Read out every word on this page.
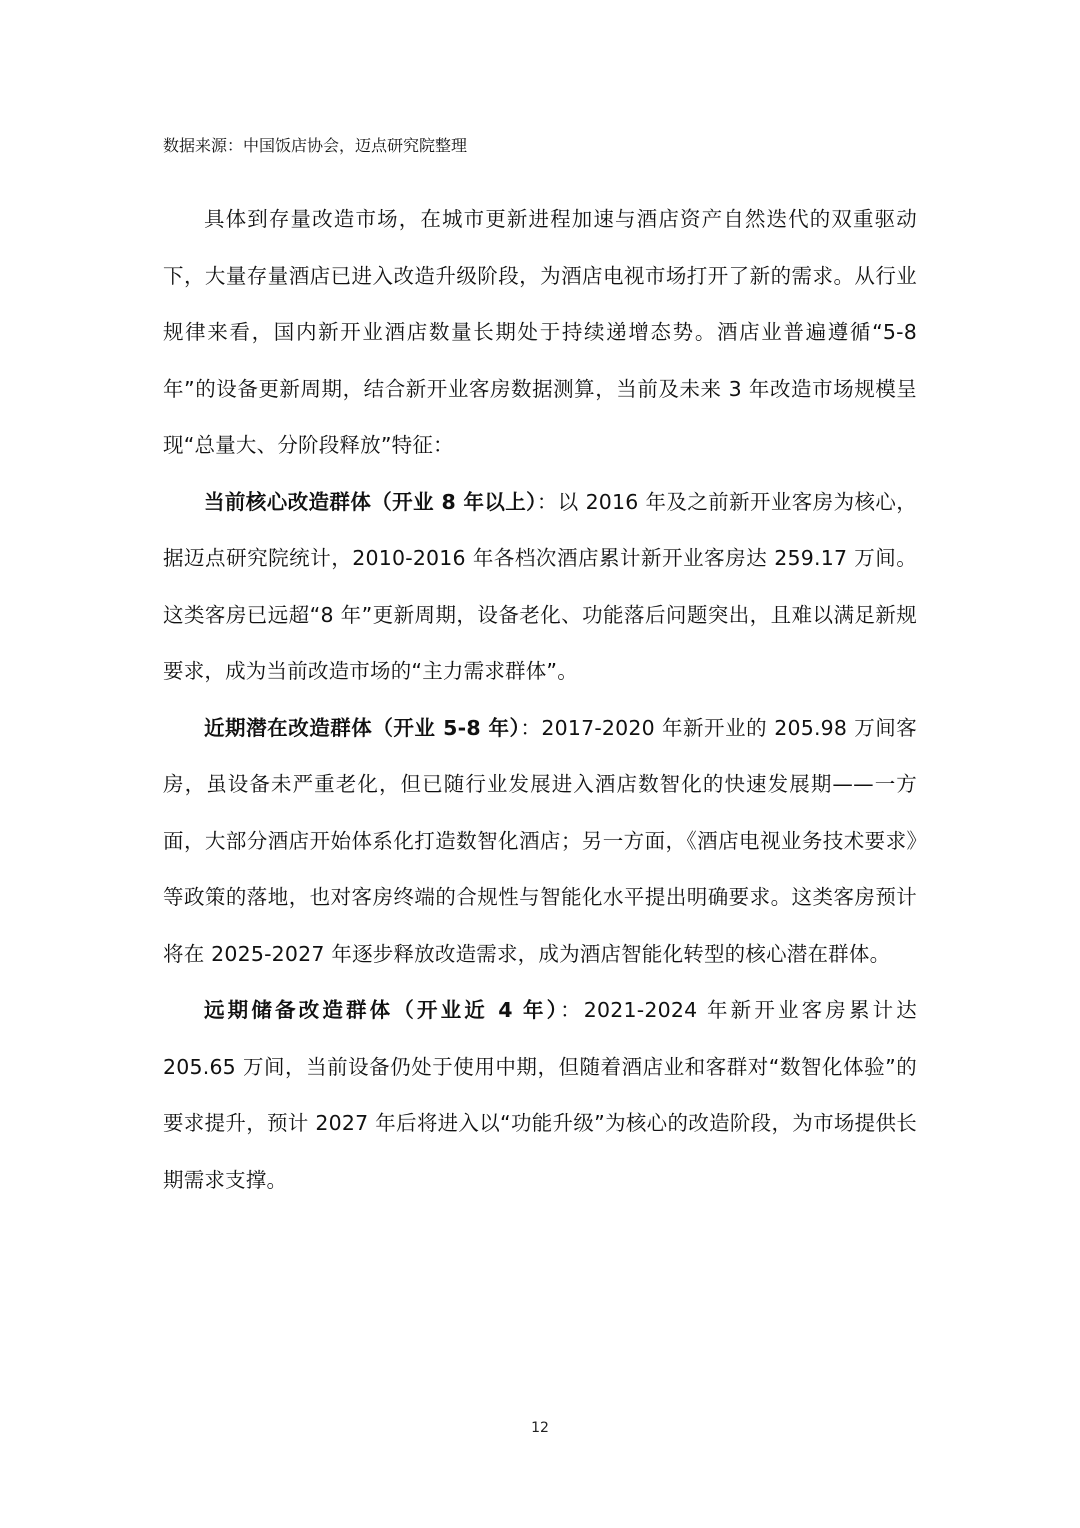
数据来源：中国饭店协会，迈点研究院整理

具体到存量改造市场，在城市更新进程加速与酒店资产自然迭代的双重驱动下，大量存量酒店已进入改造升级阶段，为酒店电视市场打开了新的需求。从行业规律来看，国内新开业酒店数量长期处于持续递增态势。酒店业普遍遵循“5-8年”的设备更新周期，结合新开业客房数据测算，当前及未来 3 年改造市场规模呈现“总量大、分阶段释放”特征：

当前核心改造群体（开业 8 年以上）：以 2016 年及之前新开业客房为核心，据迈点研究院统计，2010-2016 年各档次酒店累计新开业客房达 259.17 万间。这类客房已远超“8 年”更新周期，设备老化、功能落后问题突出，且难以满足新规要求，成为当前改造市场的“主力需求群体”。

近期潜在改造群体（开业 5-8 年）：2017-2020 年新开业的 205.98 万间客房，虽设备未严重老化，但已随行业发展进入酒店数智化的快速发展期——一方面，大部分酒店开始体系化打造数智化酒店；另一方面，《酒店电视业务技术要求》等政策的落地，也对客房终端的合规性与智能化水平提出明确要求。这类客房预计将在 2025-2027 年逐步释放改造需求，成为酒店智能化转型的核心潜在群体。

远期储备改造群体（开业近 4 年）：2021-2024 年新开业客房累计达 205.65 万间，当前设备仍处于使用中期，但随着酒店业和客群对“数智化体验”的要求提升，预计 2027 年后将进入以“功能升级”为核心的改造阶段，为市场提供长期需求支撑。

12
